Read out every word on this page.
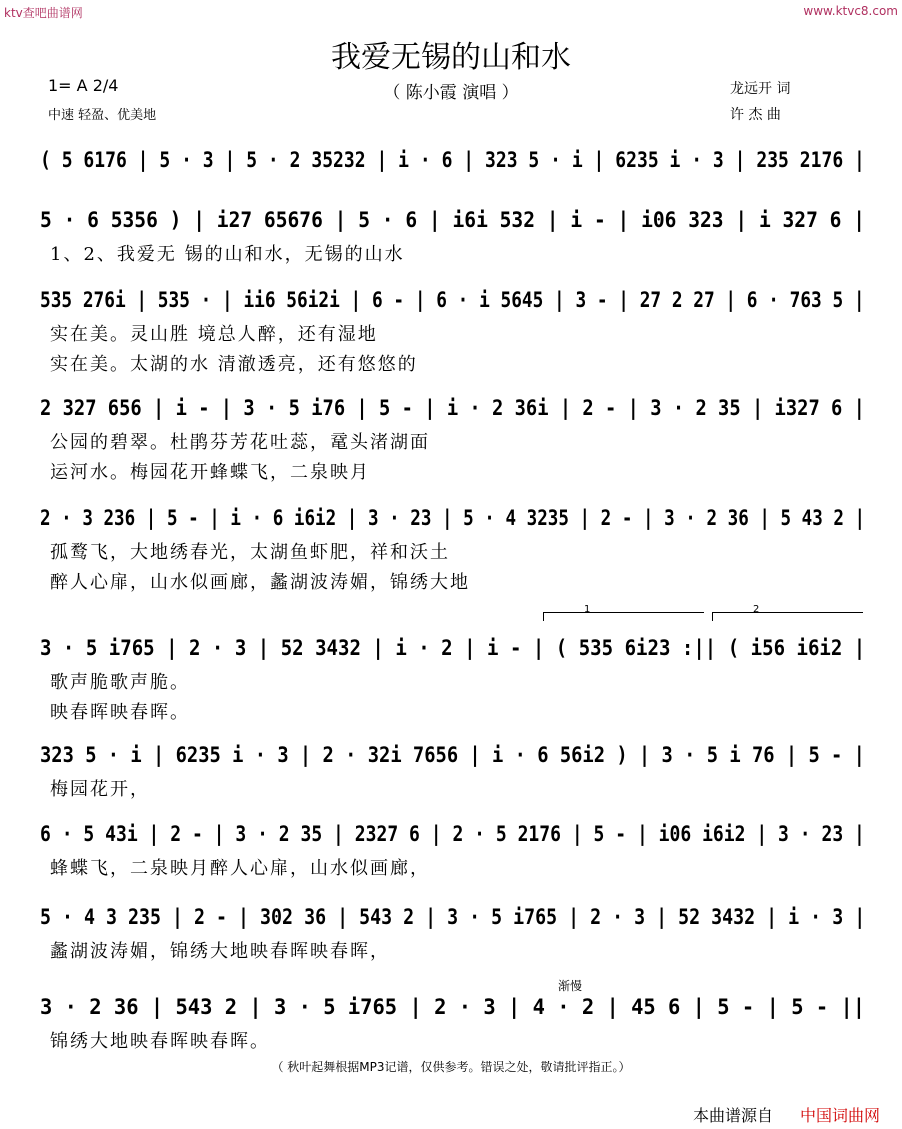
ktv查吧曲谱网	www.ktvc8.com
我爱无锡的山和水
（ 陈小霞 演唱 ）
1= A 2/4
中速 轻盈、优美地
龙远开 词
许 杰 曲
( 5 6176 | 5 · 3 | 5 · 2 35232 | i · 6 | 323 5 · i | 6235 i · 3 | 235 2176 |
5 · 6 5356 ) | i27 65676 | 5 · 6 | i6i 532 | i - | i06 323 | i 327 6 |
1、2、我爱无 锡的山和水，无锡的山水
535 276i | 535 · | ii6 56i2i | 6 - | 6 · i 5645 | 3 - | 27 2 27 | 6 · 763 5 |
实在美。灵山胜 境总人醉，还有湿地
实在美。太湖的水 清澈透亮，还有悠悠的
2 327 656 | i - | 3 · 5 i76 | 5 - | i · 2 36i | 2 - | 3 · 2 35 | i327 6 |
公园的碧翠。杜鹃芬芳花吐蕊，鼋头渚湖面
运河水。梅园花开蜂蝶飞，二泉映月
2 · 3 236 | 5 - | i · 6 i6i2 | 3 · 23 | 5 · 4 3235 | 2 - | 3 · 2 36 | 5 43 2 |
孤鹜飞，大地绣春光，太湖鱼虾肥，祥和沃土
醉人心扉，山水似画廊，蠡湖波涛媚，锦绣大地
3 · 5 i765 | 2 · 3 | 52 3432 | i · 2 | i - | ( 535 6i23 :|| ( i56 i6i2 |
歌声脆歌声脆。
映春晖映春晖。
323 5 · i | 6235 i · 3 | 2 · 32i 7656 | i · 6 56i2 ) | 3 · 5 i 76 | 5 - |
梅园花开，
6 · 5 43i | 2 - | 3 · 2 35 | 2327 6 | 2 · 5 2176 | 5 - | i06 i6i2 | 3 · 23 |
蜂蝶飞，二泉映月醉人心扉，山水似画廊，
5 · 4 3 235 | 2 - | 302 36 | 543 2 | 3 · 5 i765 | 2 · 3 | 52 3432 | i · 3 |
蠡湖波涛媚，锦绣大地映春晖映春晖，
3 · 2 36 | 543 2 | 3 · 5 i765 | 2 · 3 | 4 · 2 | 45 6 | 5 - | 5 - ||
锦绣大地映春晖映春晖。
1	2
渐慢
（ 秋叶起舞根据MP3记谱，仅供参考。错误之处，敬请批评指正。）
本曲谱源自 中国词曲网
